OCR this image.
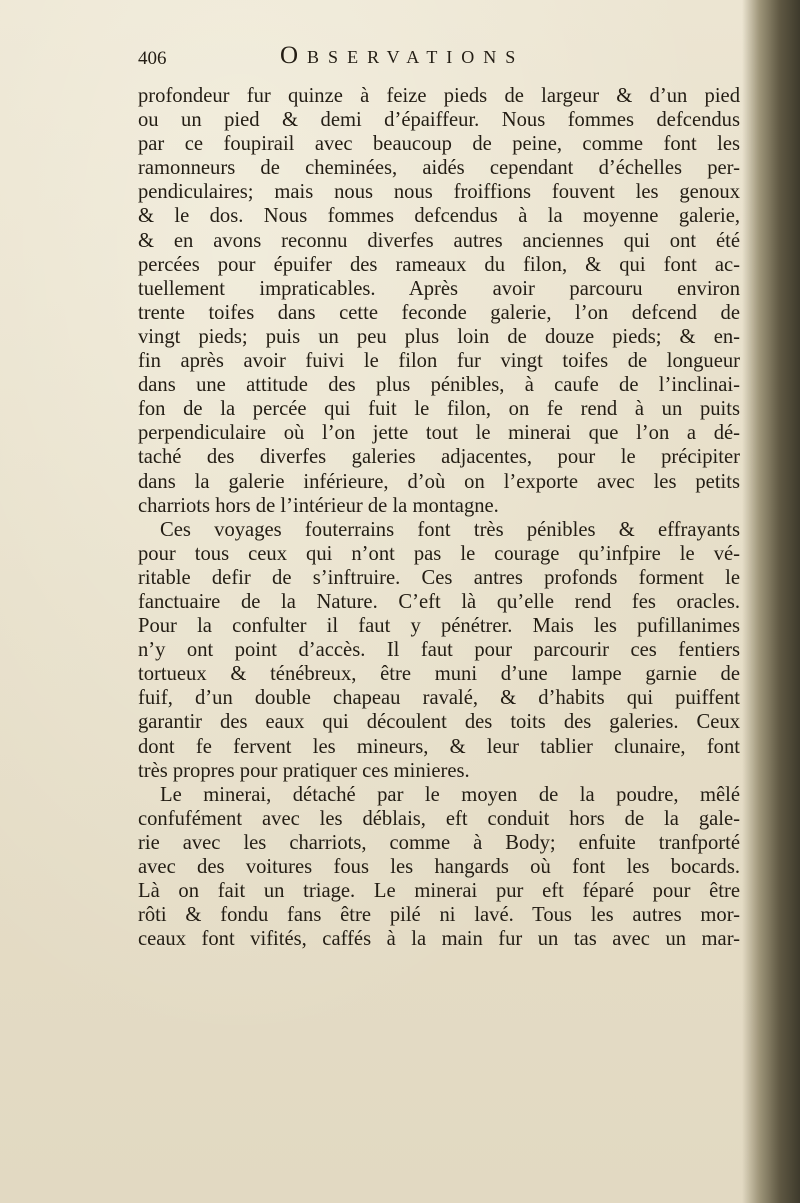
406	Observations
profondeur fur quinze à feize pieds de largeur & d’un pied
ou un pied & demi d’épaiffeur. Nous fommes defcendus
par ce foupirail avec beaucoup de peine, comme font les
ramonneurs de cheminées, aidés cependant d’échelles per-
pendiculaires; mais nous nous froiffions fouvent les genoux
& le dos. Nous fommes defcendus à la moyenne galerie,
& en avons reconnu diverfes autres anciennes qui ont été
percées pour épuifer des rameaux du filon, & qui font ac-
tuellement impraticables. Après avoir parcouru environ
trente toifes dans cette feconde galerie, l’on defcend de
vingt pieds; puis un peu plus loin de douze pieds; & en-
fin après avoir fuivi le filon fur vingt toifes de longueur
dans une attitude des plus pénibles, à caufe de l’inclinai-
fon de la percée qui fuit le filon, on fe rend à un puits
perpendiculaire où l’on jette tout le minerai que l’on a dé-
taché des diverfes galeries adjacentes, pour le précipiter
dans la galerie inférieure, d’où on l’exporte avec les petits
charriots hors de l’intérieur de la montagne.
Ces voyages fouterrains font très pénibles & effrayants
pour tous ceux qui n’ont pas le courage qu’infpire le vé-
ritable defir de s’inftruire. Ces antres profonds forment le
fanctuaire de la Nature. C’eft là qu’elle rend fes oracles.
Pour la confulter il faut y pénétrer. Mais les pufillanimes
n’y ont point d’accès. Il faut pour parcourir ces fentiers
tortueux & ténébreux, être muni d’une lampe garnie de
fuif, d’un double chapeau ravalé, & d’habits qui puiffent
garantir des eaux qui découlent des toits des galeries. Ceux
dont fe fervent les mineurs, & leur tablier clunaire, font
très propres pour pratiquer ces minieres.
Le minerai, détaché par le moyen de la poudre, mêlé
confufément avec les déblais, eft conduit hors de la gale-
rie avec les charriots, comme à Body; enfuite tranfporté
avec des voitures fous les hangards où font les bocards.
Là on fait un triage. Le minerai pur eft féparé pour être
rôti & fondu fans être pilé ni lavé. Tous les autres mor-
ceaux font vifités, caffés à la main fur un tas avec un mar-
